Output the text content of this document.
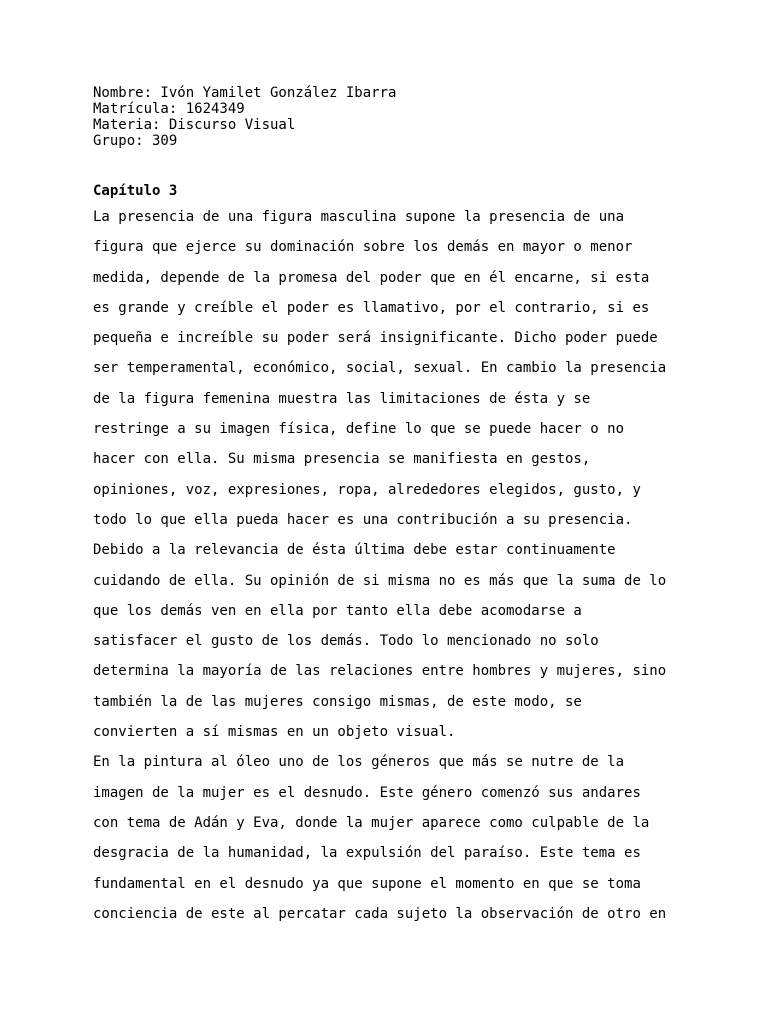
Nombre: Ivón Yamilet González Ibarra

Matrícula: 1624349

Materia: Discurso Visual

Grupo: 309

Capítulo 3

La presencia de una figura masculina supone la presencia de una

figura que ejerce su dominación sobre los demás en mayor o menor

medida, depende de la promesa del poder que en él encarne, si esta

es grande y creíble el poder es llamativo, por el contrario, si es

pequeña e increíble su poder será insignificante. Dicho poder puede

ser temperamental, económico, social, sexual. En cambio la presencia

de la figura femenina muestra las limitaciones de ésta y se

restringe a su imagen física, define lo que se puede hacer o no

hacer con ella. Su misma presencia se manifiesta en gestos,

opiniones, voz, expresiones, ropa, alrededores elegidos, gusto, y

todo lo que ella pueda hacer es una contribución a su presencia.

Debido a la relevancia de ésta última debe estar continuamente

cuidando de ella. Su opinión de si misma no es más que la suma de lo

que los demás ven en ella por tanto ella debe acomodarse a

satisfacer el gusto de los demás. Todo lo mencionado no solo

determina la mayoría de las relaciones entre hombres y mujeres, sino

también la de las mujeres consigo mismas, de este modo, se

convierten a sí mismas en un objeto visual.

En la pintura al óleo uno de los géneros que más se nutre de la

imagen de la mujer es el desnudo. Este género comenzó sus andares

con tema de Adán y Eva, donde la mujer aparece como culpable de la

desgracia de la humanidad, la expulsión del paraíso. Este tema es

fundamental en el desnudo ya que supone el momento en que se toma

conciencia de este al percatar cada sujeto la observación de otro en
